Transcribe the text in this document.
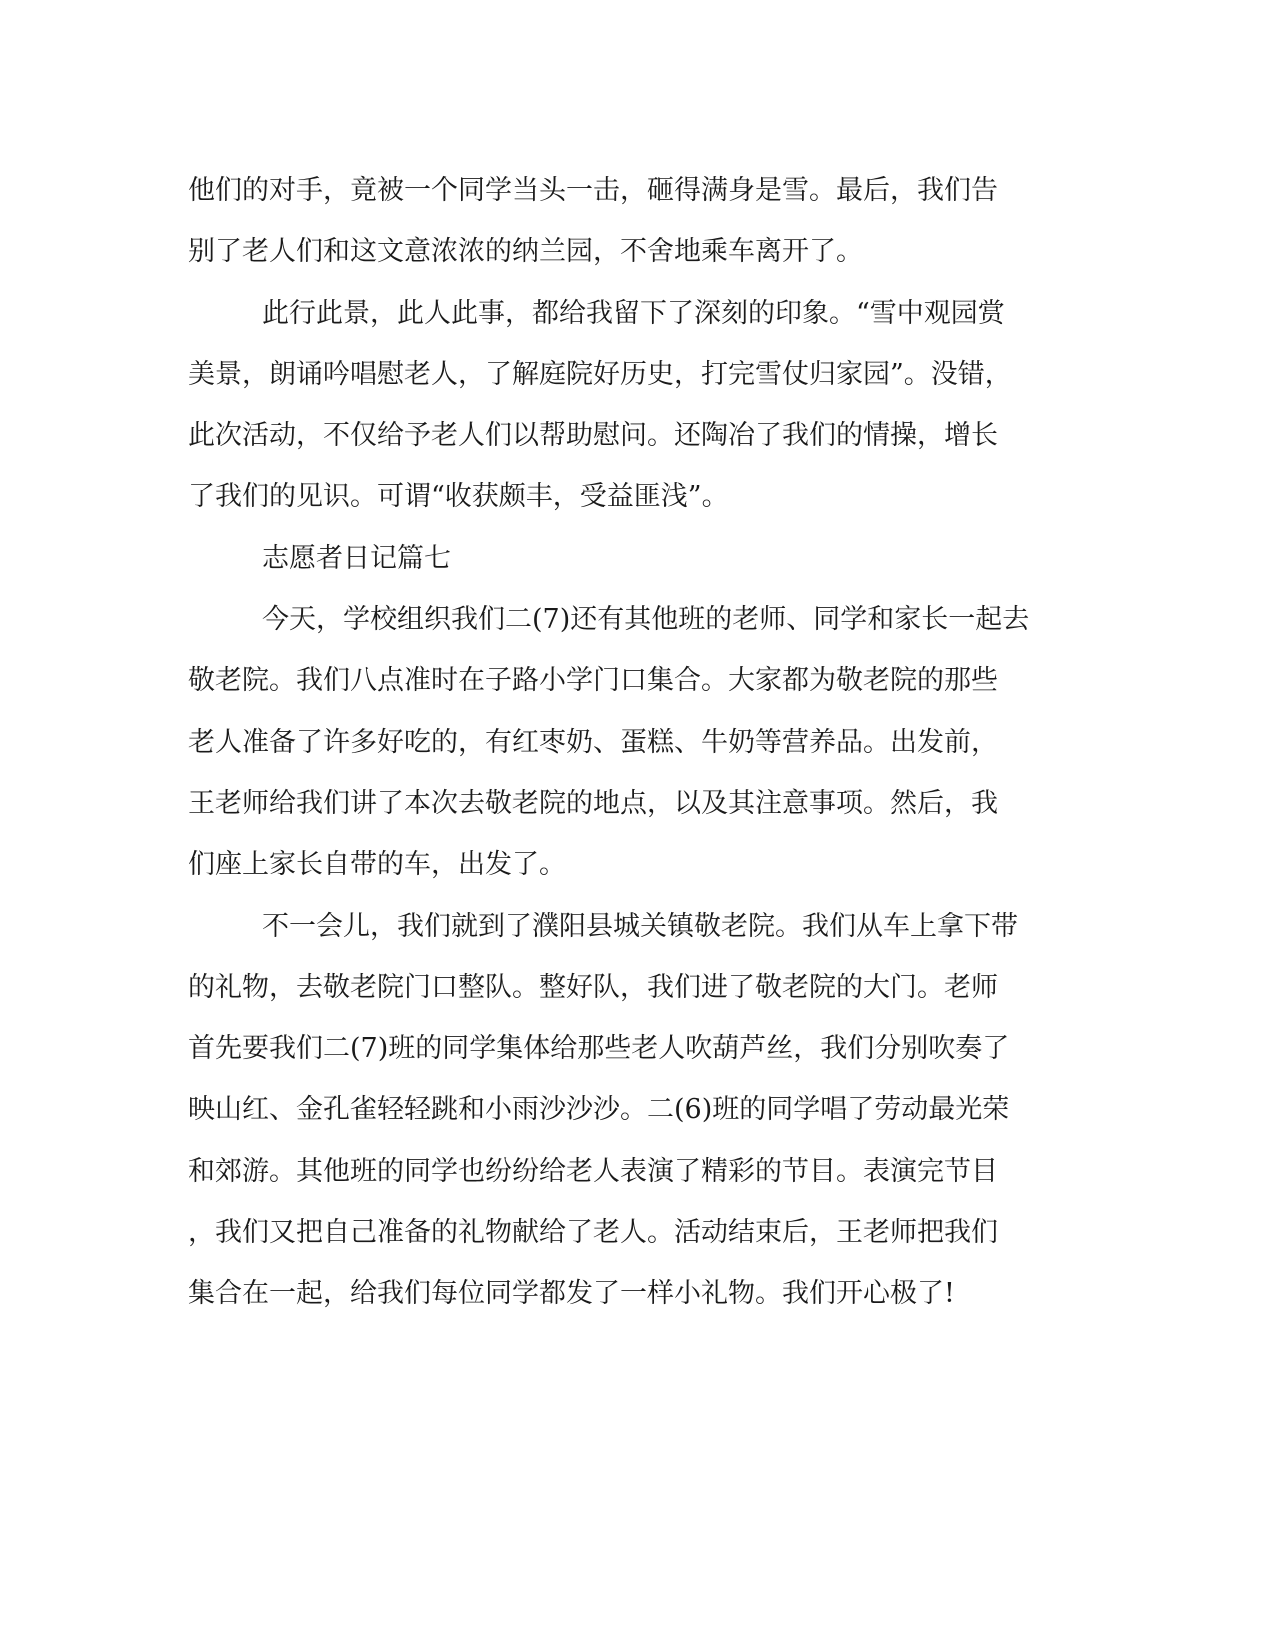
他们的对手，竟被一个同学当头一击，砸得满身是雪。最后，我们告
别了老人们和这文意浓浓的纳兰园，不舍地乘车离开了。
此行此景，此人此事，都给我留下了深刻的印象。“雪中观园赏
美景，朗诵吟唱慰老人，了解庭院好历史，打完雪仗归家园”。没错，
此次活动，不仅给予老人们以帮助慰问。还陶冶了我们的情操，增长
了我们的见识。可谓“收获颇丰，受益匪浅”。
志愿者日记篇七
今天，学校组织我们二(7)还有其他班的老师、同学和家长一起去
敬老院。我们八点准时在子路小学门口集合。大家都为敬老院的那些
老人准备了许多好吃的，有红枣奶、蛋糕、牛奶等营养品。出发前，
王老师给我们讲了本次去敬老院的地点，以及其注意事项。然后，我
们座上家长自带的车，出发了。
不一会儿，我们就到了濮阳县城关镇敬老院。我们从车上拿下带
的礼物，去敬老院门口整队。整好队，我们进了敬老院的大门。老师
首先要我们二(7)班的同学集体给那些老人吹葫芦丝，我们分别吹奏了
映山红、金孔雀轻轻跳和小雨沙沙沙。二(6)班的同学唱了劳动最光荣
和郊游。其他班的同学也纷纷给老人表演了精彩的节目。表演完节目
，我们又把自己准备的礼物献给了老人。活动结束后，王老师把我们
集合在一起，给我们每位同学都发了一样小礼物。我们开心极了!
